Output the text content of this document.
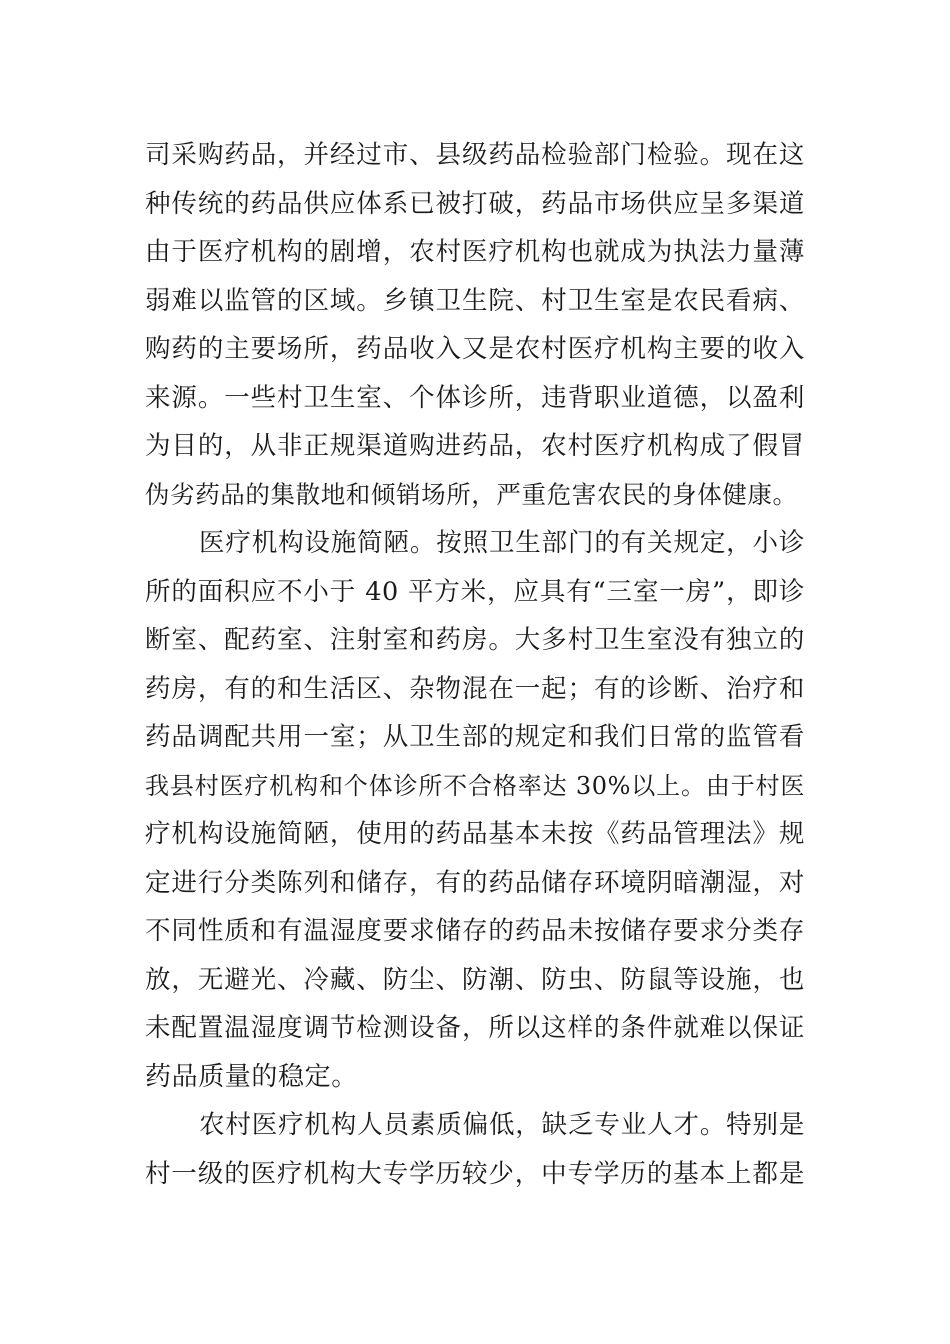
司采购药品，并经过市、县级药品检验部门检验。现在这
种传统的药品供应体系已被打破，药品市场供应呈多渠道
由于医疗机构的剧增，农村医疗机构也就成为执法力量薄
弱难以监管的区域。乡镇卫生院、村卫生室是农民看病、
购药的主要场所，药品收入又是农村医疗机构主要的收入
来源。一些村卫生室、个体诊所，违背职业道德，以盈利
为目的，从非正规渠道购进药品，农村医疗机构成了假冒
伪劣药品的集散地和倾销场所，严重危害农民的身体健康。
医疗机构设施简陋。按照卫生部门的有关规定，小诊
所的面积应不小于 40 平方米，应具有“三室一房”，即诊
断室、配药室、注射室和药房。大多村卫生室没有独立的
药房，有的和生活区、杂物混在一起；有的诊断、治疗和
药品调配共用一室；从卫生部的规定和我们日常的监管看
我县村医疗机构和个体诊所不合格率达 30%以上。由于村医
疗机构设施简陋，使用的药品基本未按《药品管理法》规
定进行分类陈列和储存，有的药品储存环境阴暗潮湿，对
不同性质和有温湿度要求储存的药品未按储存要求分类存
放，无避光、冷藏、防尘、防潮、防虫、防鼠等设施，也
未配置温湿度调节检测设备，所以这样的条件就难以保证
药品质量的稳定。
农村医疗机构人员素质偏低，缺乏专业人才。特别是
村一级的医疗机构大专学历较少，中专学历的基本上都是
